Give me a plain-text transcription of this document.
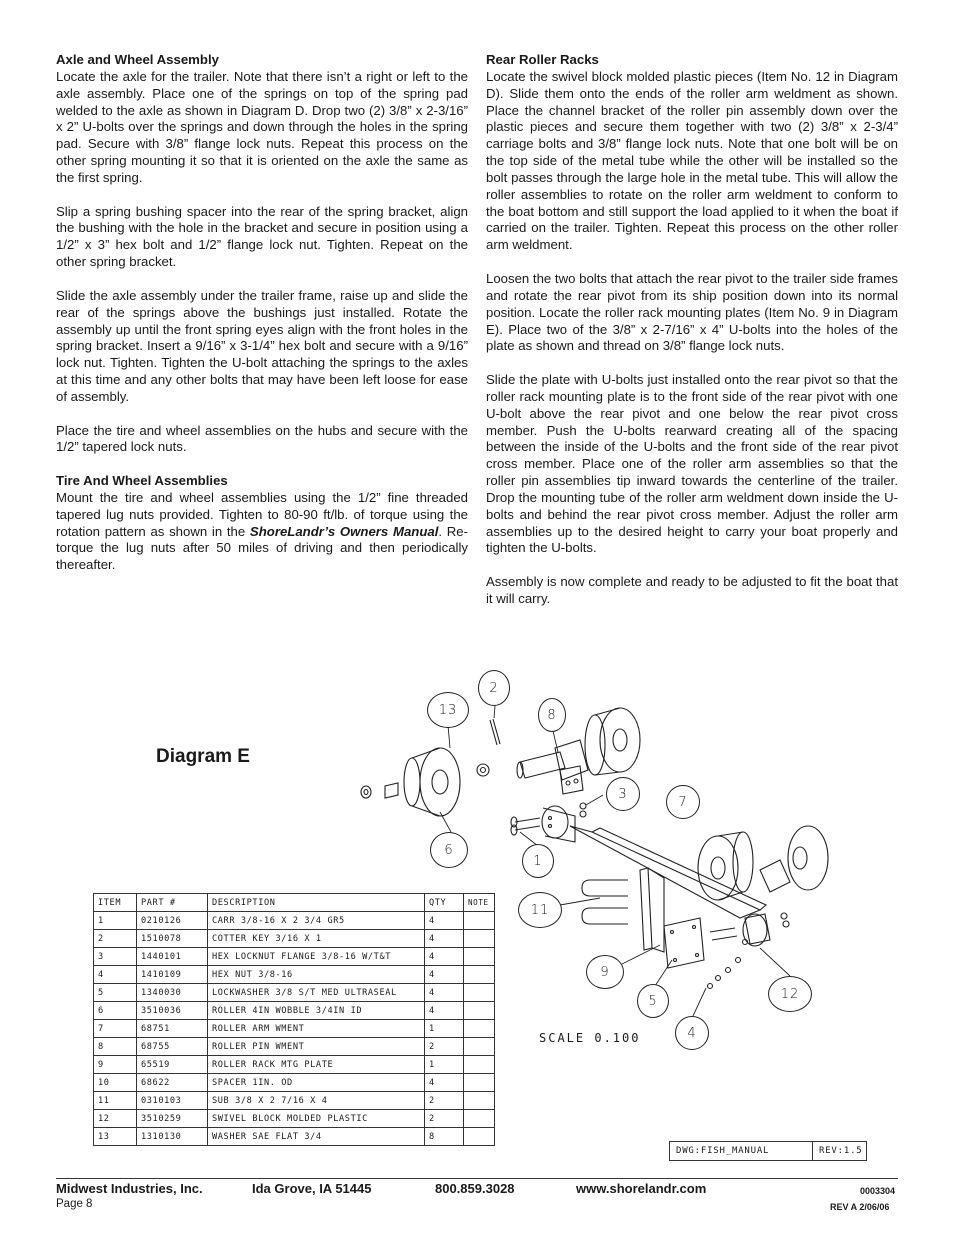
Axle and Wheel Assembly

Locate the axle for the trailer. Note that there isn’t a right or left to the axle assembly. Place one of the springs on top of the spring pad welded to the axle as shown in Diagram D. Drop two (2) 3/8” x 2-3/16” x 2” U-bolts over the springs and down through the holes in the spring pad. Secure with 3/8” flange lock nuts. Repeat this process on the other spring mounting it so that it is oriented on the axle the same as the first spring.

Slip a spring bushing spacer into the rear of the spring bracket, align the bushing with the hole in the bracket and secure in position using a 1/2” x 3” hex bolt and 1/2” flange lock nut. Tighten. Repeat on the other spring bracket.

Slide the axle assembly under the trailer frame, raise up and slide the rear of the springs above the bushings just installed. Rotate the assembly up until the front spring eyes align with the front holes in the spring bracket. Insert a 9/16” x 3-1/4” hex bolt and secure with a 9/16” lock nut. Tighten. Tighten the U-bolt attaching the springs to the axles at this time and any other bolts that may have been left loose for ease of assembly.

Place the tire and wheel assemblies on the hubs and secure with the 1/2” tapered lock nuts.

Tire And Wheel Assemblies

Mount the tire and wheel assemblies using the 1/2” fine threaded tapered lug nuts provided. Tighten to 80-90 ft/lb. of torque using the rotation pattern as shown in the ShoreLandr’s Owners Manual. Re-torque the lug nuts after 50 miles of driving and then periodically thereafter.

Rear Roller Racks

Locate the swivel block molded plastic pieces (Item No. 12 in Diagram D). Slide them onto the ends of the roller arm weldment as shown. Place the channel bracket of the roller pin assembly down over the plastic pieces and secure them together with two (2) 3/8” x 2-3/4” carriage bolts and 3/8” flange lock nuts. Note that one bolt will be on the top side of the metal tube while the other will be installed so the bolt passes through the large hole in the metal tube. This will allow the roller assemblies to rotate on the roller arm weldment to conform to the boat bottom and still support the load applied to it when the boat if carried on the trailer. Tighten. Repeat this process on the other roller arm weldment.

Loosen the two bolts that attach the rear pivot to the trailer side frames and rotate the rear pivot from its ship position down into its normal position. Locate the roller rack mounting plates (Item No. 9 in Diagram E). Place two of the 3/8” x 2-7/16” x 4” U-bolts into the holes of the plate as shown and thread on 3/8” flange lock nuts.

Slide the plate with U-bolts just installed onto the rear pivot so that the roller rack mounting plate is to the front side of the rear pivot with one U-bolt above the rear pivot and one below the rear pivot cross member. Push the U-bolts rearward creating all of the spacing between the inside of the U-bolts and the front side of the rear pivot cross member. Place one of the roller arm assemblies so that the roller pin assemblies tip inward towards the centerline of the trailer. Drop the mounting tube of the roller arm weldment down inside the U-bolts and behind the rear pivot cross member. Adjust the roller arm assemblies up to the desired height to carry your boat properly and tighten the U-bolts.

Assembly is now complete and ready to be adjusted to fit the boat that it will carry.

Diagram E
13
2
8
3
7
6
1
11
9
5	12
4
ITEM	PART #	DESCRIPTION	QTY	NOTE
1	0210126	CARR 3/8-16 X 2 3/4 GR5	4	
2	1510078	COTTER KEY 3/16 X 1	4	
3	1440101	HEX LOCKNUT FLANGE 3/8-16 W/T&T	4	
4	1410109	HEX NUT 3/8-16	4	
5	1340030	LOCKWASHER 3/8 S/T MED ULTRASEAL	4	
6	3510036	ROLLER 4IN WOBBLE 3/4IN ID	4	
7	68751	ROLLER ARM WMENT	1	
8	68755	ROLLER PIN WMENT	2	
9	65519	ROLLER RACK MTG PLATE	1	
10	68622	SPACER 1IN. OD	4	
11	0310103	SUB 3/8 X 2 7/16 X 4	2	
12	3510259	SWIVEL BLOCK MOLDED PLASTIC	2	
13	1310130	WASHER SAE FLAT 3/4	8	
SCALE 0.100
DWG:FISH_MANUAL	REV:1.5
Midwest Industries, Inc.	Ida Grove, IA 51445	800.859.3028	www.shorelandr.com	0003304
Page 8	REV A 2/06/06
